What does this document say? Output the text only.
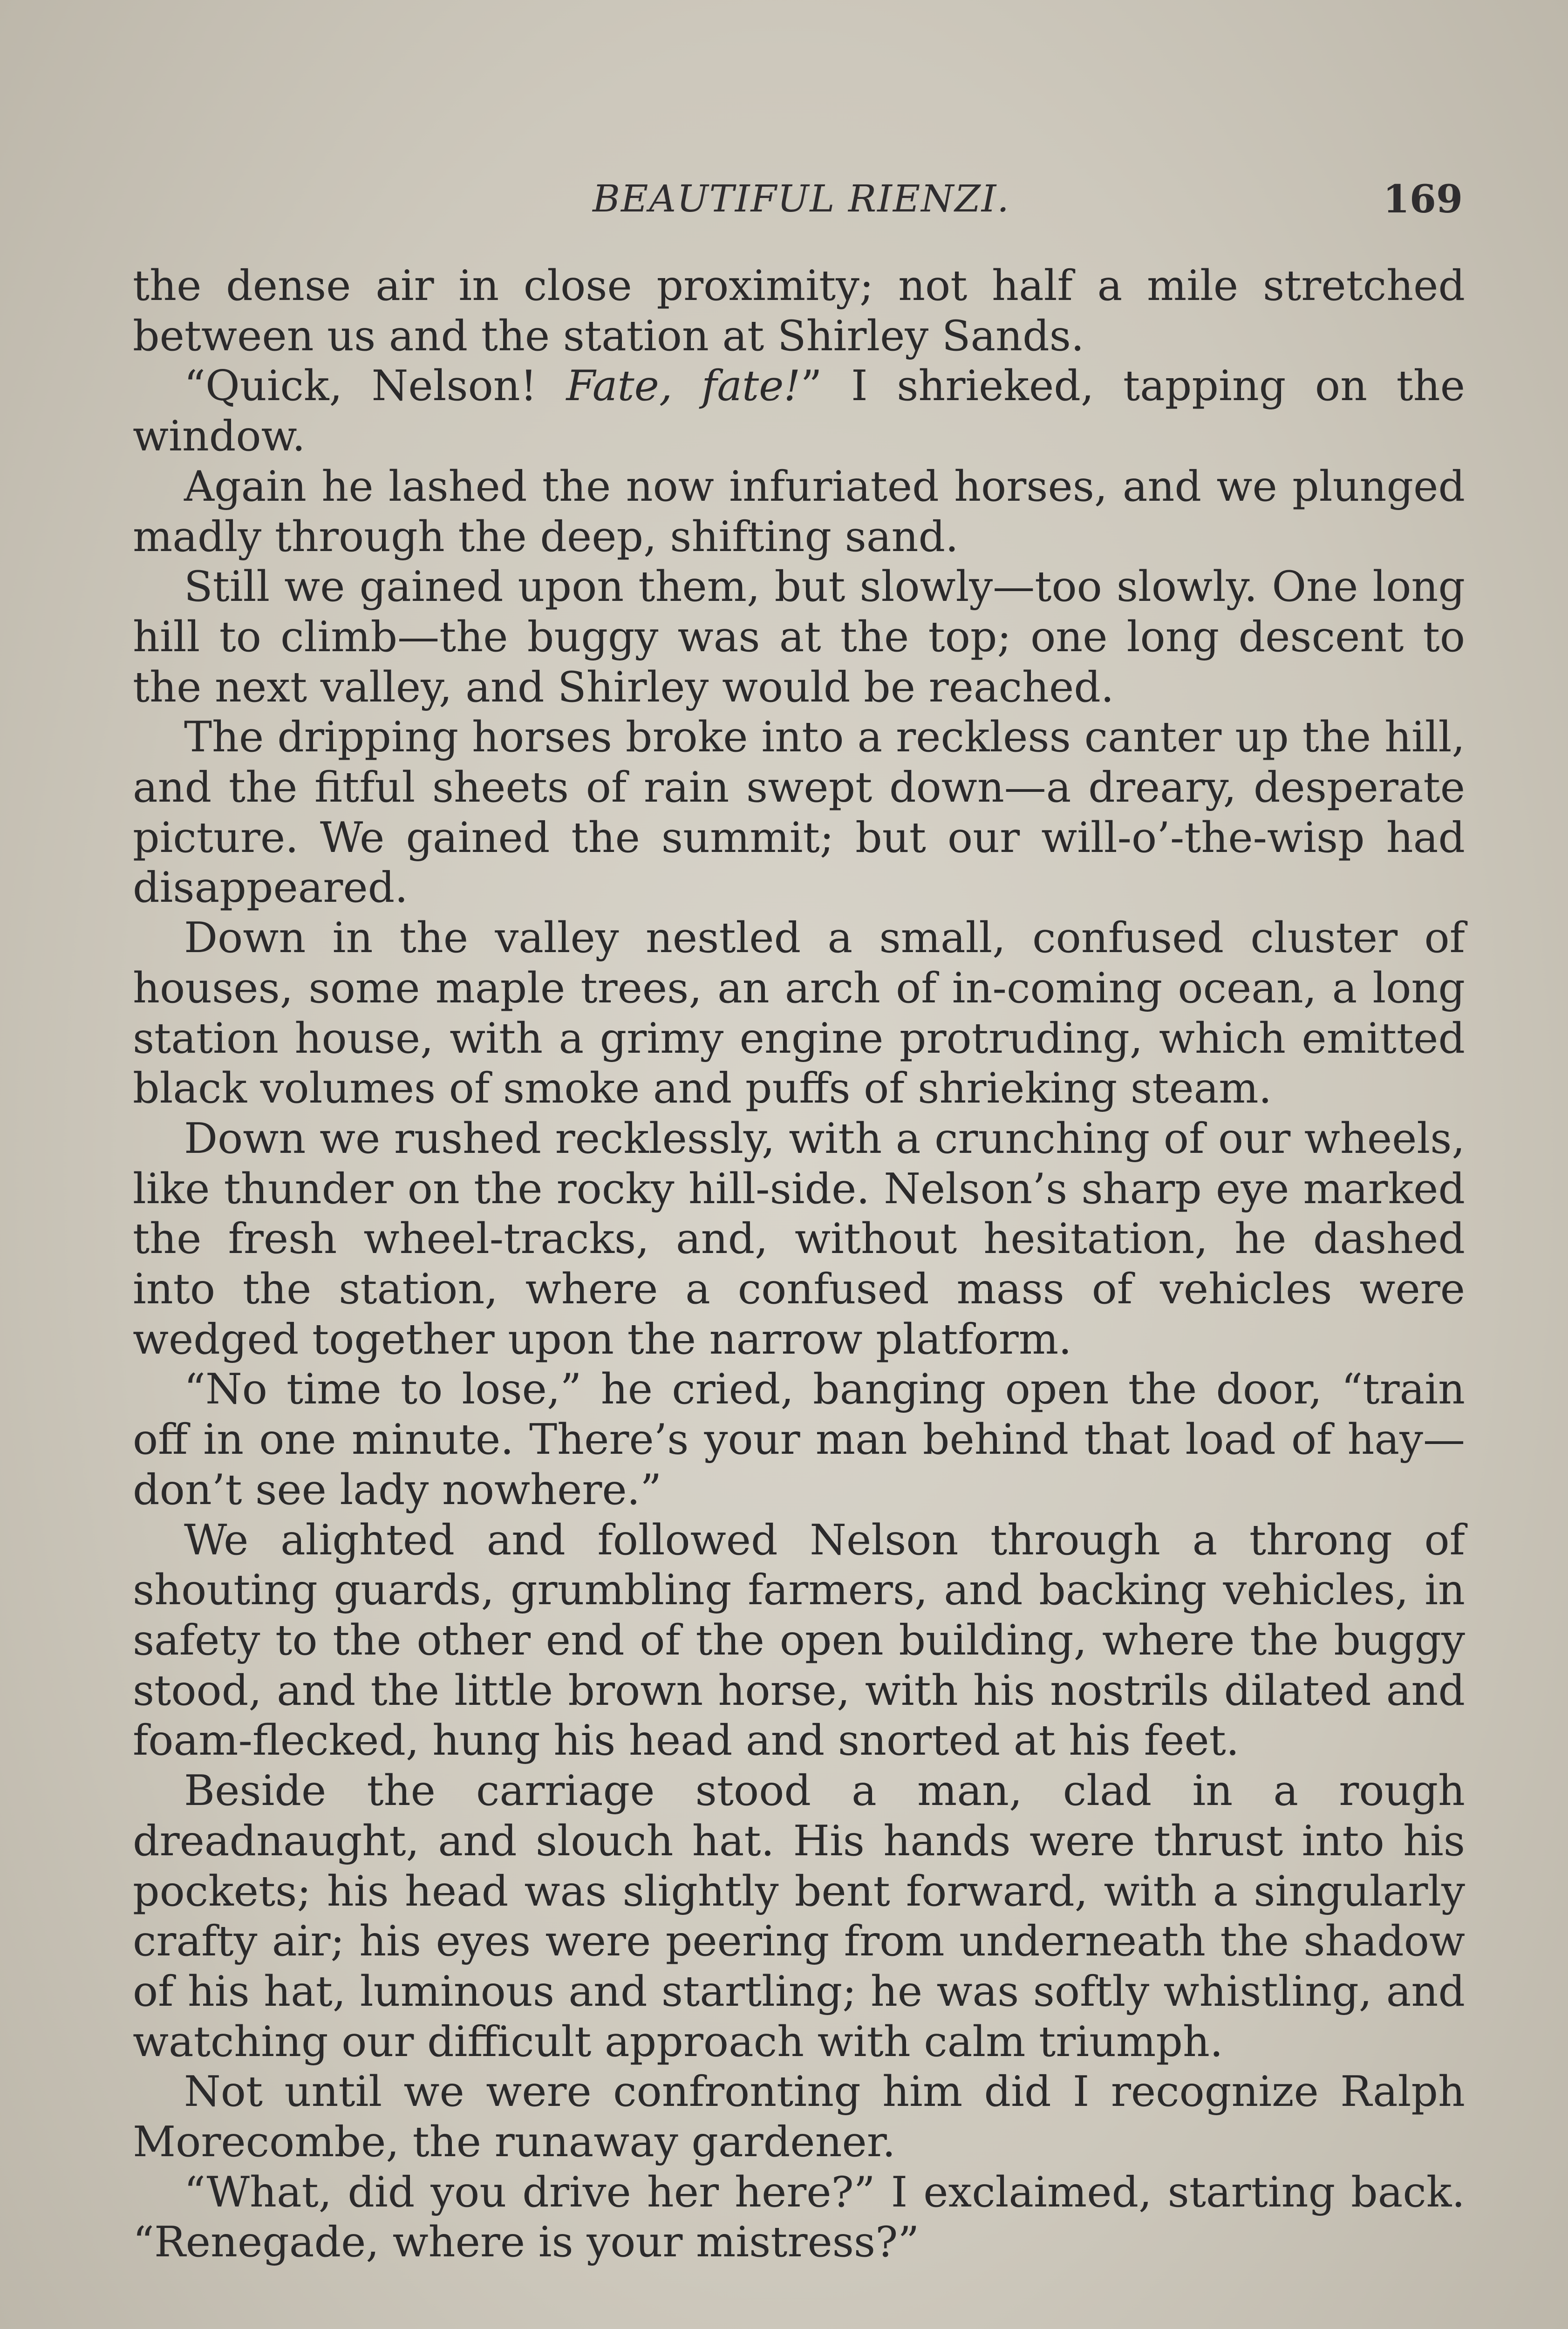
BEAUTIFUL RIENZI.	169

the dense air in close proximity; not half a mile stretched between us and the station at Shirley Sands.

“Quick, Nelson! Fate, fate!” I shrieked, tapping on the window.

Again he lashed the now infuriated horses, and we plunged madly through the deep, shifting sand.

Still we gained upon them, but slowly—too slowly. One long hill to climb—the buggy was at the top; one long descent to the next valley, and Shirley would be reached.

The dripping horses broke into a reckless canter up the hill, and the fitful sheets of rain swept down—a dreary, desperate picture. We gained the summit; but our will-o’-the-wisp had disappeared.

Down in the valley nestled a small, confused cluster of houses, some maple trees, an arch of in-coming ocean, a long station house, with a grimy engine protruding, which emitted black volumes of smoke and puffs of shrieking steam.

Down we rushed recklessly, with a crunching of our wheels, like thunder on the rocky hill-side. Nelson’s sharp eye marked the fresh wheel-tracks, and, without hesitation, he dashed into the station, where a confused mass of vehicles were wedged together upon the narrow platform.

“No time to lose,” he cried, banging open the door, “train off in one minute. There’s your man behind that load of hay—don’t see lady nowhere.”

We alighted and followed Nelson through a throng of shouting guards, grumbling farmers, and backing vehicles, in safety to the other end of the open building, where the buggy stood, and the little brown horse, with his nostrils dilated and foam-flecked, hung his head and snorted at his feet.

Beside the carriage stood a man, clad in a rough dreadnaught, and slouch hat. His hands were thrust into his pockets; his head was slightly bent forward, with a singularly crafty air; his eyes were peering from underneath the shadow of his hat, luminous and startling; he was softly whistling, and watching our difficult approach with calm triumph.

Not until we were confronting him did I recognize Ralph Morecombe, the runaway gardener.

“What, did you drive her here?” I exclaimed, starting back. “Renegade, where is your mistress?”
